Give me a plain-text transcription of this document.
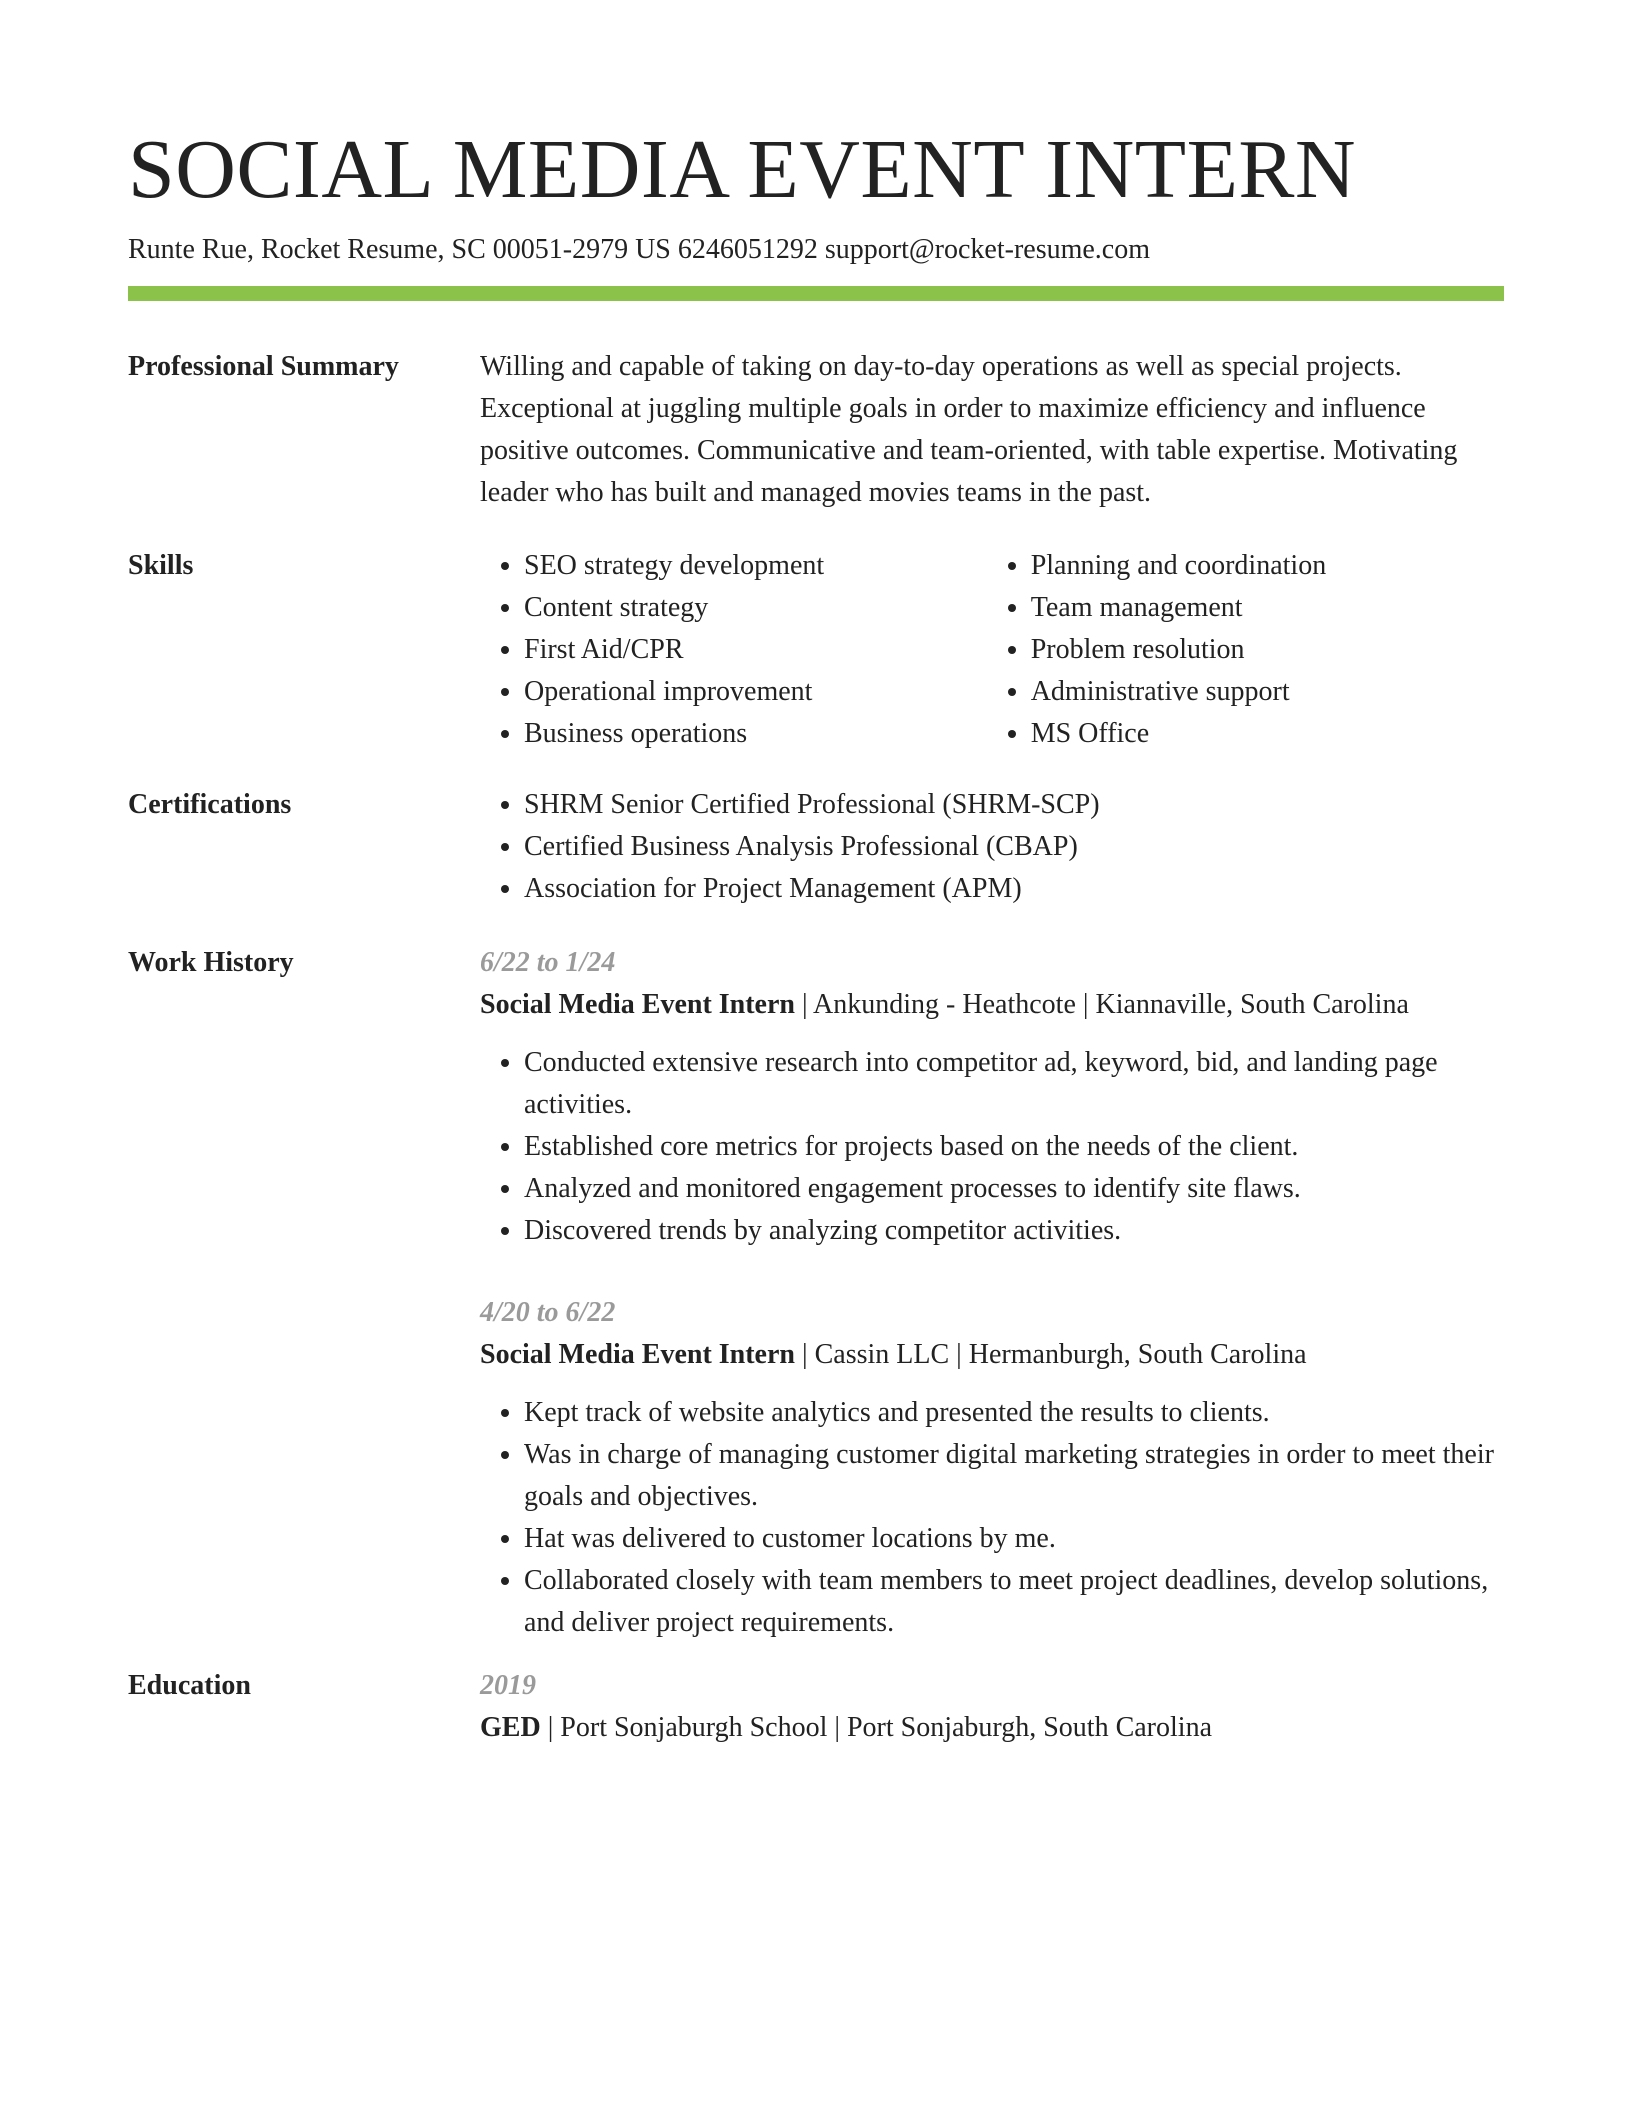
SOCIAL MEDIA EVENT INTERN
Runte Rue, Rocket Resume, SC 00051-2979 US 6246051292 support@rocket-resume.com
Professional Summary	Willing and capable of taking on day-to-day operations as well as special projects. Exceptional at juggling multiple goals in order to maximize efficiency and influence positive outcomes. Communicative and team-oriented, with table expertise. Motivating leader who has built and managed movies teams in the past.

Skills	• SEO strategy development
• Content strategy
• First Aid/CPR
• Operational improvement
• Business operations
• Planning and coordination
• Team management
• Problem resolution
• Administrative support
• MS Office
Certifications	• SHRM Senior Certified Professional (SHRM-SCP)
• Certified Business Analysis Professional (CBAP)
• Association for Project Management (APM)
Work History	6/22 to 1/24
Social Media Event Intern | Ankunding - Heathcote | Kiannaville, South Carolina
• Conducted extensive research into competitor ad, keyword, bid, and landing page activities.
• Established core metrics for projects based on the needs of the client.
• Analyzed and monitored engagement processes to identify site flaws.
• Discovered trends by analyzing competitor activities.
4/20 to 6/22
Social Media Event Intern | Cassin LLC | Hermanburgh, South Carolina
• Kept track of website analytics and presented the results to clients.
• Was in charge of managing customer digital marketing strategies in order to meet their goals and objectives.
• Hat was delivered to customer locations by me.
• Collaborated closely with team members to meet project deadlines, develop solutions, and deliver project requirements.
Education	2019
GED | Port Sonjaburgh School | Port Sonjaburgh, South Carolina
